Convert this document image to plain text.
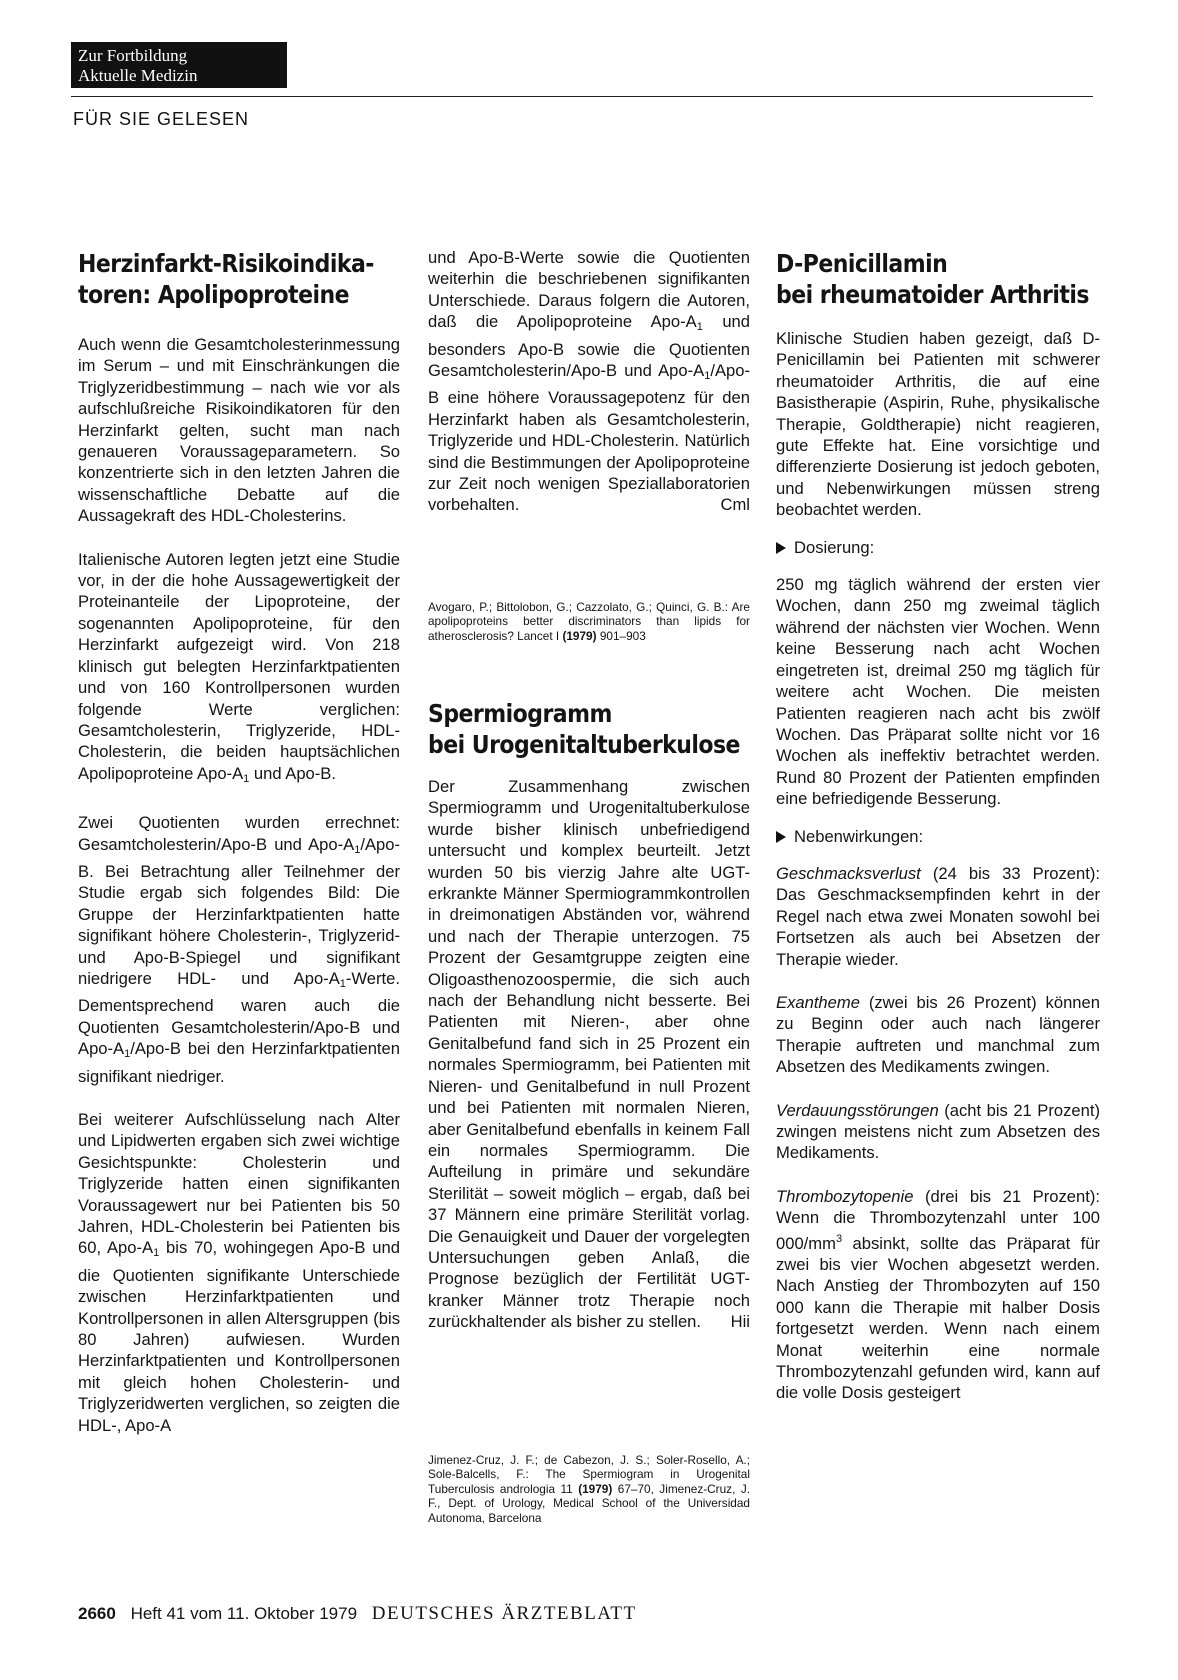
Zur Fortbildung
Aktuelle Medizin
FÜR SIE GELESEN
Herzinfarkt-Risikoindika-
toren: Apolipoproteine

Auch wenn die Gesamtcholesterinmessung im Serum – und mit Einschränkungen die Triglyzeridbestimmung – nach wie vor als aufschlußreiche Risikoindikatoren für den Herzinfarkt gelten, sucht man nach genaueren Voraussageparametern. So konzentrierte sich in den letzten Jahren die wissenschaftliche Debatte auf die Aussagekraft des HDL-Cholesterins.

Italienische Autoren legten jetzt eine Studie vor, in der die hohe Aussagewertigkeit der Proteinanteile der Lipoproteine, der sogenannten Apolipoproteine, für den Herzinfarkt aufgezeigt wird. Von 218 klinisch gut belegten Herzinfarktpatienten und von 160 Kontrollpersonen wurden folgende Werte verglichen: Gesamtcholesterin, Triglyzeride, HDL-Cholesterin, die beiden hauptsächlichen Apolipoproteine Apo-$A_1$ und Apo-B.

Zwei Quotienten wurden errechnet: Gesamtcholesterin/Apo-B und Apo-$A_1/Apo-B$. Bei Betrachtung aller Teilnehmer der Studie ergab sich folgendes Bild: Die Gruppe der Herzinfarktpatienten hatte signifikant höhere Cholesterin-, Triglyzerid- und Apo-B-Spiegel und signifikant niedrigere HDL- und Apo-$A_1$-Werte. Dementsprechend waren auch die Quotienten Gesamtcholesterin/Apo-B und Apo-$A_1/Apo-B$ bei den Herzinfarktpatienten signifikant niedriger.

Bei weiterer Aufschlüsselung nach Alter und Lipidwerten ergaben sich zwei wichtige Gesichtspunkte: Cholesterin und Triglyzeride hatten einen signifikanten Voraussagewert nur bei Patienten bis 50 Jahren, HDL-Cholesterin bei Patienten bis 60, Apo-$A_1$ bis 70, wohingegen Apo-B und die Quotienten signifikante Unterschiede zwischen Herzinfarktpatienten und Kontrollpersonen in allen Altersgruppen (bis 80 Jahren) aufwiesen. Wurden Herzinfarktpatienten und Kontrollpersonen mit gleich hohen Cholesterin- und Triglyzeridwerten verglichen, so zeigten die HDL-, Apo-A

und Apo-B-Werte sowie die Quotienten weiterhin die beschriebenen signifikanten Unterschiede. Daraus folgern die Autoren, daß die Apolipoproteine Apo-$A_1$ und besonders Apo-B sowie die Quotienten Gesamtcholesterin/Apo-B und Apo-$A_1/Apo-B$ eine höhere Voraussagepotenz für den Herzinfarkt haben als Gesamtcholesterin, Triglyzeride und HDL-Cholesterin. Natürlich sind die Bestimmungen der Apolipoproteine zur Zeit noch wenigen Speziallaboratorien vorbehalten.	Cml

Avogaro, P.; Bittolobon, G.; Cazzolato, G.; Quinci, G. B.: Are apolipoproteins better discriminators than lipids for atherosclerosis? Lancet I (1979) 901–903
Spermiogramm
bei Urogenitaltuberkulose

Der Zusammenhang zwischen Spermiogramm und Urogenitaltuberkulose wurde bisher klinisch unbefriedigend untersucht und komplex beurteilt. Jetzt wurden 50 bis vierzig Jahre alte UGT-erkrankte Männer Spermiogrammkontrollen in dreimonatigen Abständen vor, während und nach der Therapie unterzogen. 75 Prozent der Gesamtgruppe zeigten eine Oligoasthenozoospermie, die sich auch nach der Behandlung nicht besserte. Bei Patienten mit Nieren-, aber ohne Genitalbefund fand sich in 25 Prozent ein normales Spermiogramm, bei Patienten mit Nieren- und Genitalbefund in null Prozent und bei Patienten mit normalen Nieren, aber Genitalbefund ebenfalls in keinem Fall ein normales Spermiogramm. Die Aufteilung in primäre und sekundäre Sterilität – soweit möglich – ergab, daß bei 37 Männern eine primäre Sterilität vorlag. Die Genauigkeit und Dauer der vorgelegten Untersuchungen geben Anlaß, die Prognose bezüglich der Fertilität UGT-kranker Männer trotz Therapie noch zurückhaltender als bisher zu stellen. Hii

Jimenez-Cruz, J. F.; de Cabezon, J. S.; Soler-Rosello, A.; Sole-Balcells, F.: The Spermiogram in Urogenital Tuberculosis andrologia 11 (1979) 67–70, Jimenez-Cruz, J. F., Dept. of Urology, Medical School of the Universidad Autonoma, Barcelona
D-Penicillamin
bei rheumatoider Arthritis

Klinische Studien haben gezeigt, daß D-Penicillamin bei Patienten mit schwerer rheumatoider Arthritis, die auf eine Basistherapie (Aspirin, Ruhe, physikalische Therapie, Goldtherapie) nicht reagieren, gute Effekte hat. Eine vorsichtige und differenzierte Dosierung ist jedoch geboten, und Nebenwirkungen müssen streng beobachtet werden.

Dosierung:

250 mg täglich während der ersten vier Wochen, dann 250 mg zweimal täglich während der nächsten vier Wochen. Wenn keine Besserung nach acht Wochen eingetreten ist, dreimal 250 mg täglich für weitere acht Wochen. Die meisten Patienten reagieren nach acht bis zwölf Wochen. Das Präparat sollte nicht vor 16 Wochen als ineffektiv betrachtet werden. Rund 80 Prozent der Patienten empfinden eine befriedigende Besserung.

Nebenwirkungen:

Geschmacksverlust (24 bis 33 Prozent): Das Geschmacksempfinden kehrt in der Regel nach etwa zwei Monaten sowohl bei Fortsetzen als auch bei Absetzen der Therapie wieder.

Exantheme (zwei bis 26 Prozent) können zu Beginn oder auch nach längerer Therapie auftreten und manchmal zum Absetzen des Medikaments zwingen.

Verdauungsstörungen (acht bis 21 Prozent) zwingen meistens nicht zum Absetzen des Medikaments.

Thrombozytopenie (drei bis 21 Prozent): Wenn die Thrombozytenzahl unter 100 $000/mm^3$ absinkt, sollte das Präparat für zwei bis vier Wochen abgesetzt werden. Nach Anstieg der Thrombozyten auf 150 000 kann die Therapie mit halber Dosis fortgesetzt werden. Wenn nach einem Monat weiterhin eine normale Thrombozytenzahl gefunden wird, kann auf die volle Dosis gesteigert

2660 Heft 41 vom 11. Oktober 1979 DEUTSCHES ÄRZTEBLATT
